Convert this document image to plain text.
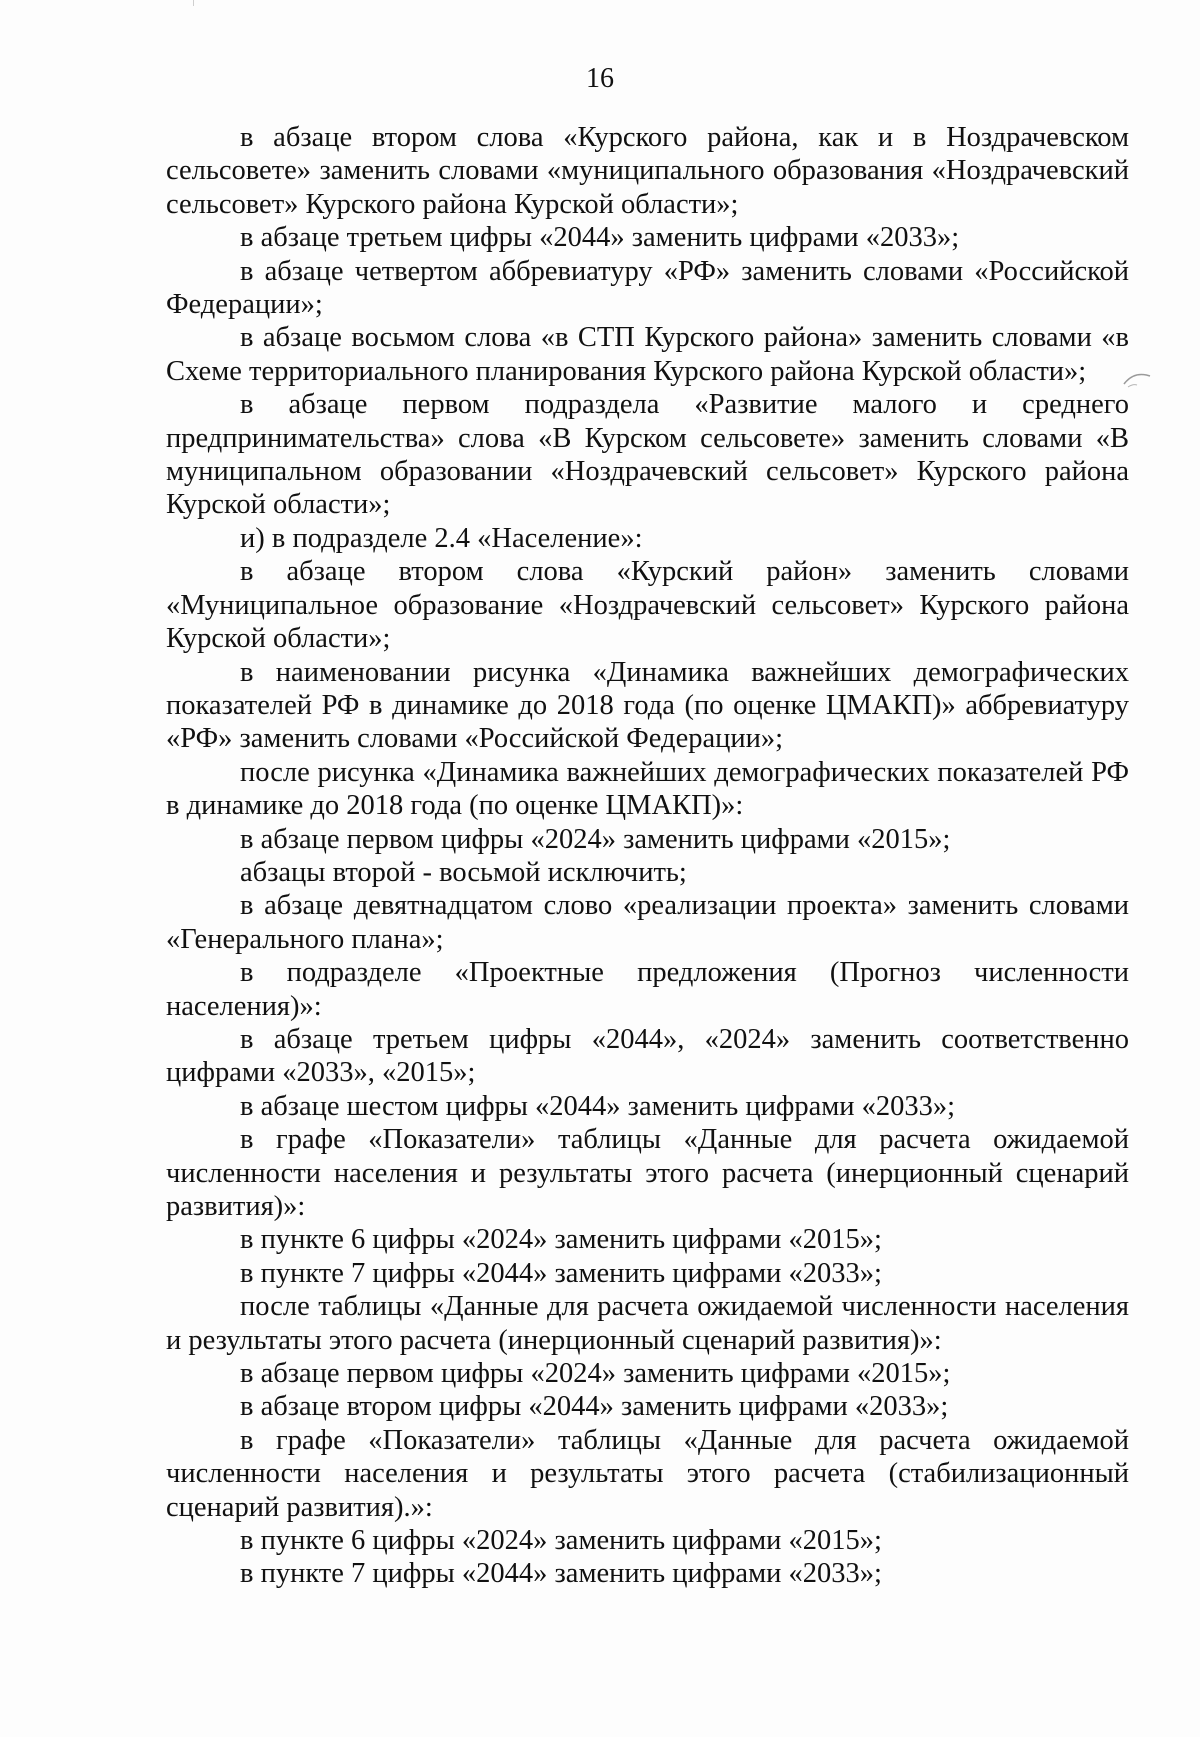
16

в абзаце втором слова «Курского района, как и в Ноздрачевском сельсовете» заменить словами «муниципального образования «Ноздрачевский сельсовет» Курского района Курской области»;

в абзаце третьем цифры «2044» заменить цифрами «2033»;

в абзаце четвертом аббревиатуру «РФ» заменить словами «Российской Федерации»;

в абзаце восьмом слова «в СТП Курского района» заменить словами «в Схеме территориального планирования Курского района Курской области»;

в абзаце первом подраздела «Развитие малого и среднего предпринимательства» слова «В Курском сельсовете» заменить словами «В муниципальном образовании «Ноздрачевский сельсовет» Курского района Курской области»;

и) в подразделе 2.4 «Население»:

в абзаце втором слова «Курский район» заменить словами «Муниципальное образование «Ноздрачевский сельсовет» Курского района Курской области»;

в наименовании рисунка «Динамика важнейших демографических показателей РФ в динамике до 2018 года (по оценке ЦМАКП)» аббревиатуру «РФ» заменить словами «Российской Федерации»;

после рисунка «Динамика важнейших демографических показателей РФ в динамике до 2018 года (по оценке ЦМАКП)»:

в абзаце первом цифры «2024» заменить цифрами «2015»;

абзацы второй - восьмой исключить;

в абзаце девятнадцатом слово «реализации проекта» заменить словами «Генерального плана»;

в подразделе «Проектные предложения (Прогноз численности населения)»:

в абзаце третьем цифры «2044», «2024» заменить соответственно цифрами «2033», «2015»;

в абзаце шестом цифры «2044» заменить цифрами «2033»;

в графе «Показатели» таблицы «Данные для расчета ожидаемой численности населения и результаты этого расчета (инерционный сценарий развития)»:

в пункте 6 цифры «2024» заменить цифрами «2015»;

в пункте 7 цифры «2044» заменить цифрами «2033»;

после таблицы «Данные для расчета ожидаемой численности населения и результаты этого расчета (инерционный сценарий развития)»:

в абзаце первом цифры «2024» заменить цифрами «2015»;

в абзаце втором цифры «2044» заменить цифрами «2033»;

в графе «Показатели» таблицы «Данные для расчета ожидаемой численности населения и результаты этого расчета (стабилизационный сценарий развития).»:

в пункте 6 цифры «2024» заменить цифрами «2015»;

в пункте 7 цифры «2044» заменить цифрами «2033»;
